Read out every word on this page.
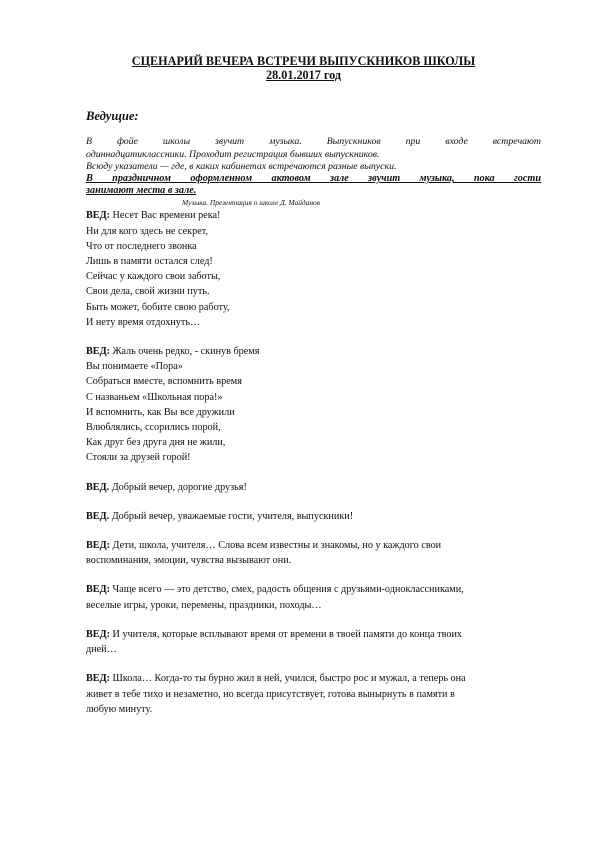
СЦЕНАРИЙ ВЕЧЕРА ВСТРЕЧИ ВЫПУСКНИКОВ ШКОЛЫ
28.01.2017 год
Ведущие:

В фойе школы звучит музыка. Выпускников при входе встречают

одиннадцатиклассники. Проходит регистрация бывших выпускников.

Всюду указатели — где, в каких кабинетах встречаются разные выпуски.

В праздничном оформленном актовом зале звучит музыка, пока гости

занимают места в зале.

Музыка. Презентация о школе Д. Майданов

ВЕД: Несет Вас времени река!

Ни для кого здесь не секрет,

Что от последнего звонка

Лишь в памяти остался след!

Сейчас у каждого свои заботы,

Свои дела, свой жизни путь.

Быть может, бобите свою работу,

И нету время отдохнуть…

ВЕД: Жаль очень редко, - скинув бремя

Вы понимаете «Пора»

Собраться вместе, вспомнить время

С названьем «Школьная пора!»

И вспомнить, как Вы все дружили

Влюблялись, ссорились порой,

Как друг без друга дня не жили,

Стояли за друзей горой!

ВЕД. Добрый вечер, дорогие друзья!

ВЕД. Добрый вечер, уважаемые гости, учителя, выпускники!

ВЕД: Дети, школа, учителя… Слова всем известны и знакомы, но у каждого свои

воспоминания, эмоции, чувства вызывают они.

ВЕД: Чаще всего — это детство, смех, радость общения с друзьями-одноклассниками,

веселые игры, уроки, перемены, праздники, походы…

ВЕД: И учителя, которые всплывают время от времени в твоей памяти до конца твоих

дней…

ВЕД: Школа… Когда-то ты бурно жил в ней, учился, быстро рос и мужал, а теперь она

живет в тебе тихо и незаметно, но всегда присутствует, готова вынырнуть в памяти в

любую минуту.
